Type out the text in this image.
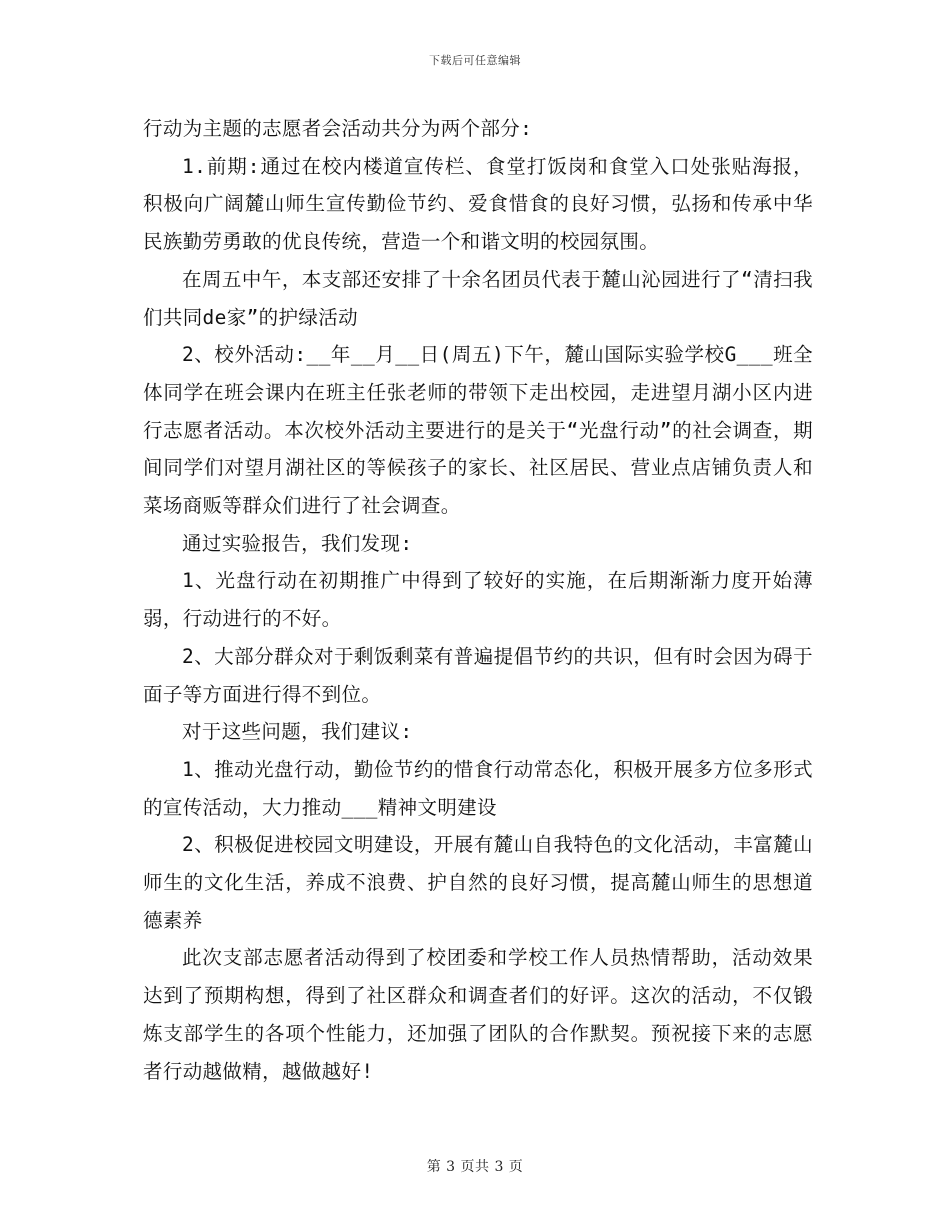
下载后可任意编辑

行动为主题的志愿者会活动共分为两个部分:

1.前期:通过在校内楼道宣传栏、食堂打饭岗和食堂入口处张贴海报，积极向广阔麓山师生宣传勤俭节约、爱食惜食的良好习惯，弘扬和传承中华民族勤劳勇敢的优良传统，营造一个和谐文明的校园氛围。

在周五中午，本支部还安排了十余名团员代表于麓山沁园进行了“清扫我们共同de家”的护绿活动

2、校外活动:__年__月__日(周五)下午，麓山国际实验学校G___班全体同学在班会课内在班主任张老师的带领下走出校园，走进望月湖小区内进行志愿者活动。本次校外活动主要进行的是关于“光盘行动”的社会调查，期间同学们对望月湖社区的等候孩子的家长、社区居民、营业点店铺负责人和菜场商贩等群众们进行了社会调查。

通过实验报告，我们发现:

1、光盘行动在初期推广中得到了较好的实施，在后期渐渐力度开始薄弱，行动进行的不好。

2、大部分群众对于剩饭剩菜有普遍提倡节约的共识，但有时会因为碍于面子等方面进行得不到位。

对于这些问题，我们建议:

1、推动光盘行动，勤俭节约的惜食行动常态化，积极开展多方位多形式的宣传活动，大力推动___精神文明建设

2、积极促进校园文明建设，开展有麓山自我特色的文化活动，丰富麓山师生的文化生活，养成不浪费、护自然的良好习惯，提高麓山师生的思想道德素养

此次支部志愿者活动得到了校团委和学校工作人员热情帮助，活动效果达到了预期构想，得到了社区群众和调查者们的好评。这次的活动，不仅锻炼支部学生的各项个性能力，还加强了团队的合作默契。预祝接下来的志愿者行动越做精，越做越好!

第 3 页共 3 页
